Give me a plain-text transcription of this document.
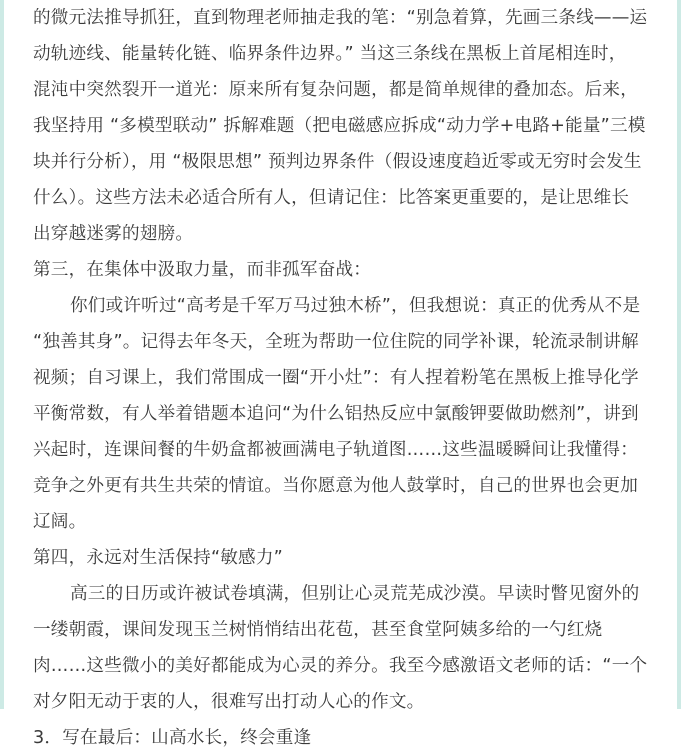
的微元法推导抓狂，直到物理老师抽走我的笔：“别急着算，先画三条线——运
动轨迹线、能量转化链、临界条件边界。” 当这三条线在黑板上首尾相连时，
混沌中突然裂开一道光：原来所有复杂问题，都是简单规律的叠加态。后来，
我坚持用 “多模型联动” 拆解难题（把电磁感应拆成“动力学+电路+能量”三模
块并行分析），用 “极限思想” 预判边界条件（假设速度趋近零或无穷时会发生
什么）。这些方法未必适合所有人，但请记住：比答案更重要的，是让思维长
出穿越迷雾的翅膀。
第三，在集体中汲取力量，而非孤军奋战：
你们或许听过“高考是千军万马过独木桥”，但我想说：真正的优秀从不是
“独善其身”。记得去年冬天，全班为帮助一位住院的同学补课，轮流录制讲解
视频；自习课上，我们常围成一圈“开小灶”：有人捏着粉笔在黑板上推导化学
平衡常数，有人举着错题本追问“为什么铝热反应中氯酸钾要做助燃剂”，讲到
兴起时，连课间餐的牛奶盒都被画满电子轨道图……这些温暖瞬间让我懂得：
竞争之外更有共生共荣的情谊。当你愿意为他人鼓掌时，自己的世界也会更加
辽阔。
第四，永远对生活保持“敏感力”
高三的日历或许被试卷填满，但别让心灵荒芜成沙漠。早读时瞥见窗外的
一缕朝霞，课间发现玉兰树悄悄结出花苞，甚至食堂阿姨多给的一勺红烧
肉……这些微小的美好都能成为心灵的养分。我至今感激语文老师的话：“一个
对夕阳无动于衷的人，很难写出打动人心的作文。
3．写在最后：山高水长，终会重逢
